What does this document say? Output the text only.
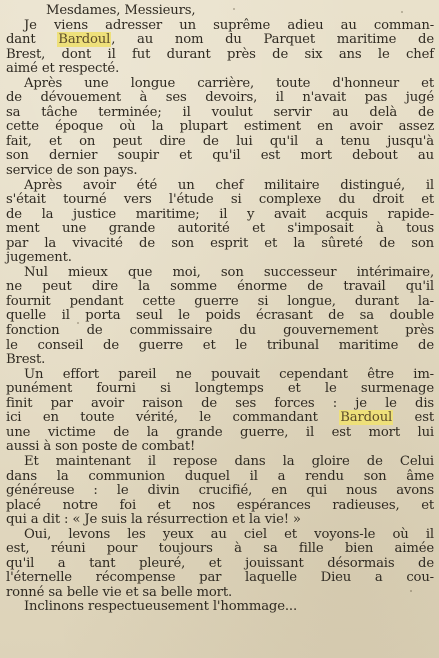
Mesdames, Messieurs,
Je viens adresser un suprême adieu au comman-
dant Bardoul, au nom du Parquet maritime de
Brest, dont il fut durant près de six ans le chef
aimé et respecté.
Après une longue carrière, toute d'honneur et
de dévouement à ses devoirs, il n'avait pas jugé
sa tâche terminée; il voulut servir au delà de
cette époque où la plupart estiment en avoir assez
fait, et on peut dire de lui qu'il a tenu jusqu'à
son dernier soupir et qu'il est mort debout au
service de son pays.
Après avoir été un chef militaire distingué, il
s'était tourné vers l'étude si complexe du droit et
de la justice maritime; il y avait acquis rapide-
ment une grande autorité et s'imposait à tous
par la vivacité de son esprit et la sûreté de son
jugement.
Nul mieux que moi, son successeur intérimaire,
ne peut dire la somme énorme de travail qu'il
fournit pendant cette guerre si longue, durant la-
quelle il porta seul le poids écrasant de sa double
fonction de commissaire du gouvernement près
le conseil de guerre et le tribunal maritime de
Brest.
Un effort pareil ne pouvait cependant être im-
punément fourni si longtemps et le surmenage
finit par avoir raison de ses forces : je le dis
ici en toute vérité, le commandant Bardoul est
une victime de la grande guerre, il est mort lui
aussi à son poste de combat!
Et maintenant il repose dans la gloire de Celui
dans la communion duquel il a rendu son âme
généreuse : le divin crucifié, en qui nous avons
placé notre foi et nos espérances radieuses, et
qui a dit : « Je suis la résurrection et la vie! »
Oui, levons les yeux au ciel et voyons-le où il
est, réuni pour toujours à sa fille bien aimée
qu'il a tant pleuré, et jouissant désormais de
l'éternelle récompense par laquelle Dieu a cou-
ronné sa belle vie et sa belle mort.
Inclinons respectueusement l'hommage...
